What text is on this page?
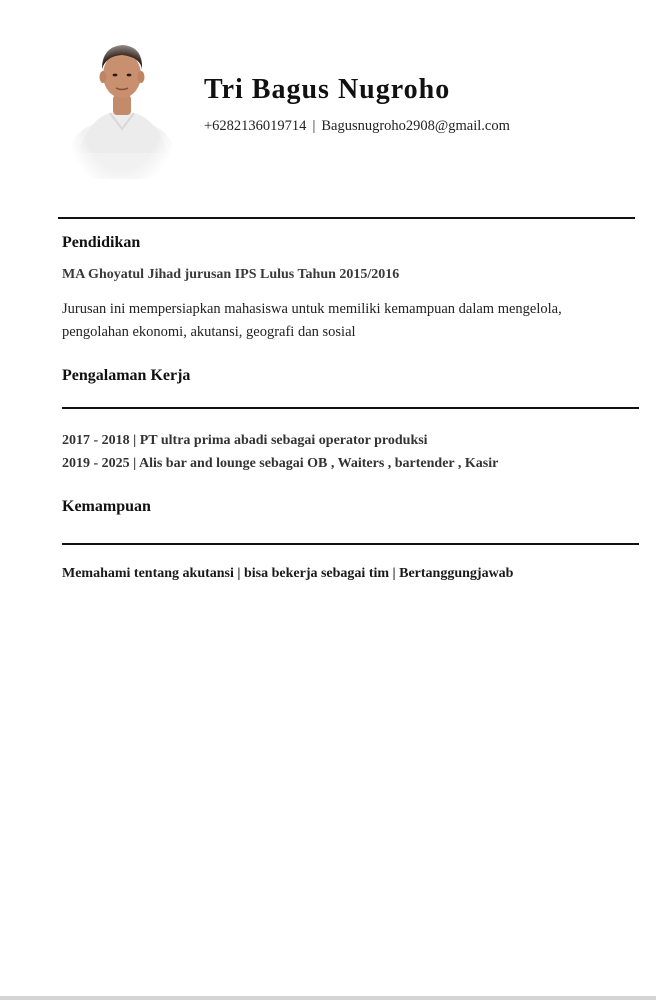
Tri Bagus Nugroho
+6282136019714 | Bagusnugroho2908@gmail.com
Pendidikan
MA Ghoyatul Jihad jurusan IPS Lulus Tahun 2015/2016
Jurusan ini mempersiapkan mahasiswa untuk memiliki kemampuan dalam mengelola, pengolahan ekonomi, akutansi, geografi dan sosial
Pengalaman Kerja
2017 - 2018 | PT ultra prima abadi sebagai operator produksi
2019 - 2025 | Alis bar and lounge sebagai OB , Waiters , bartender , Kasir
Kemampuan
Memahami tentang akutansi | bisa bekerja sebagai tim | Bertanggungjawab
